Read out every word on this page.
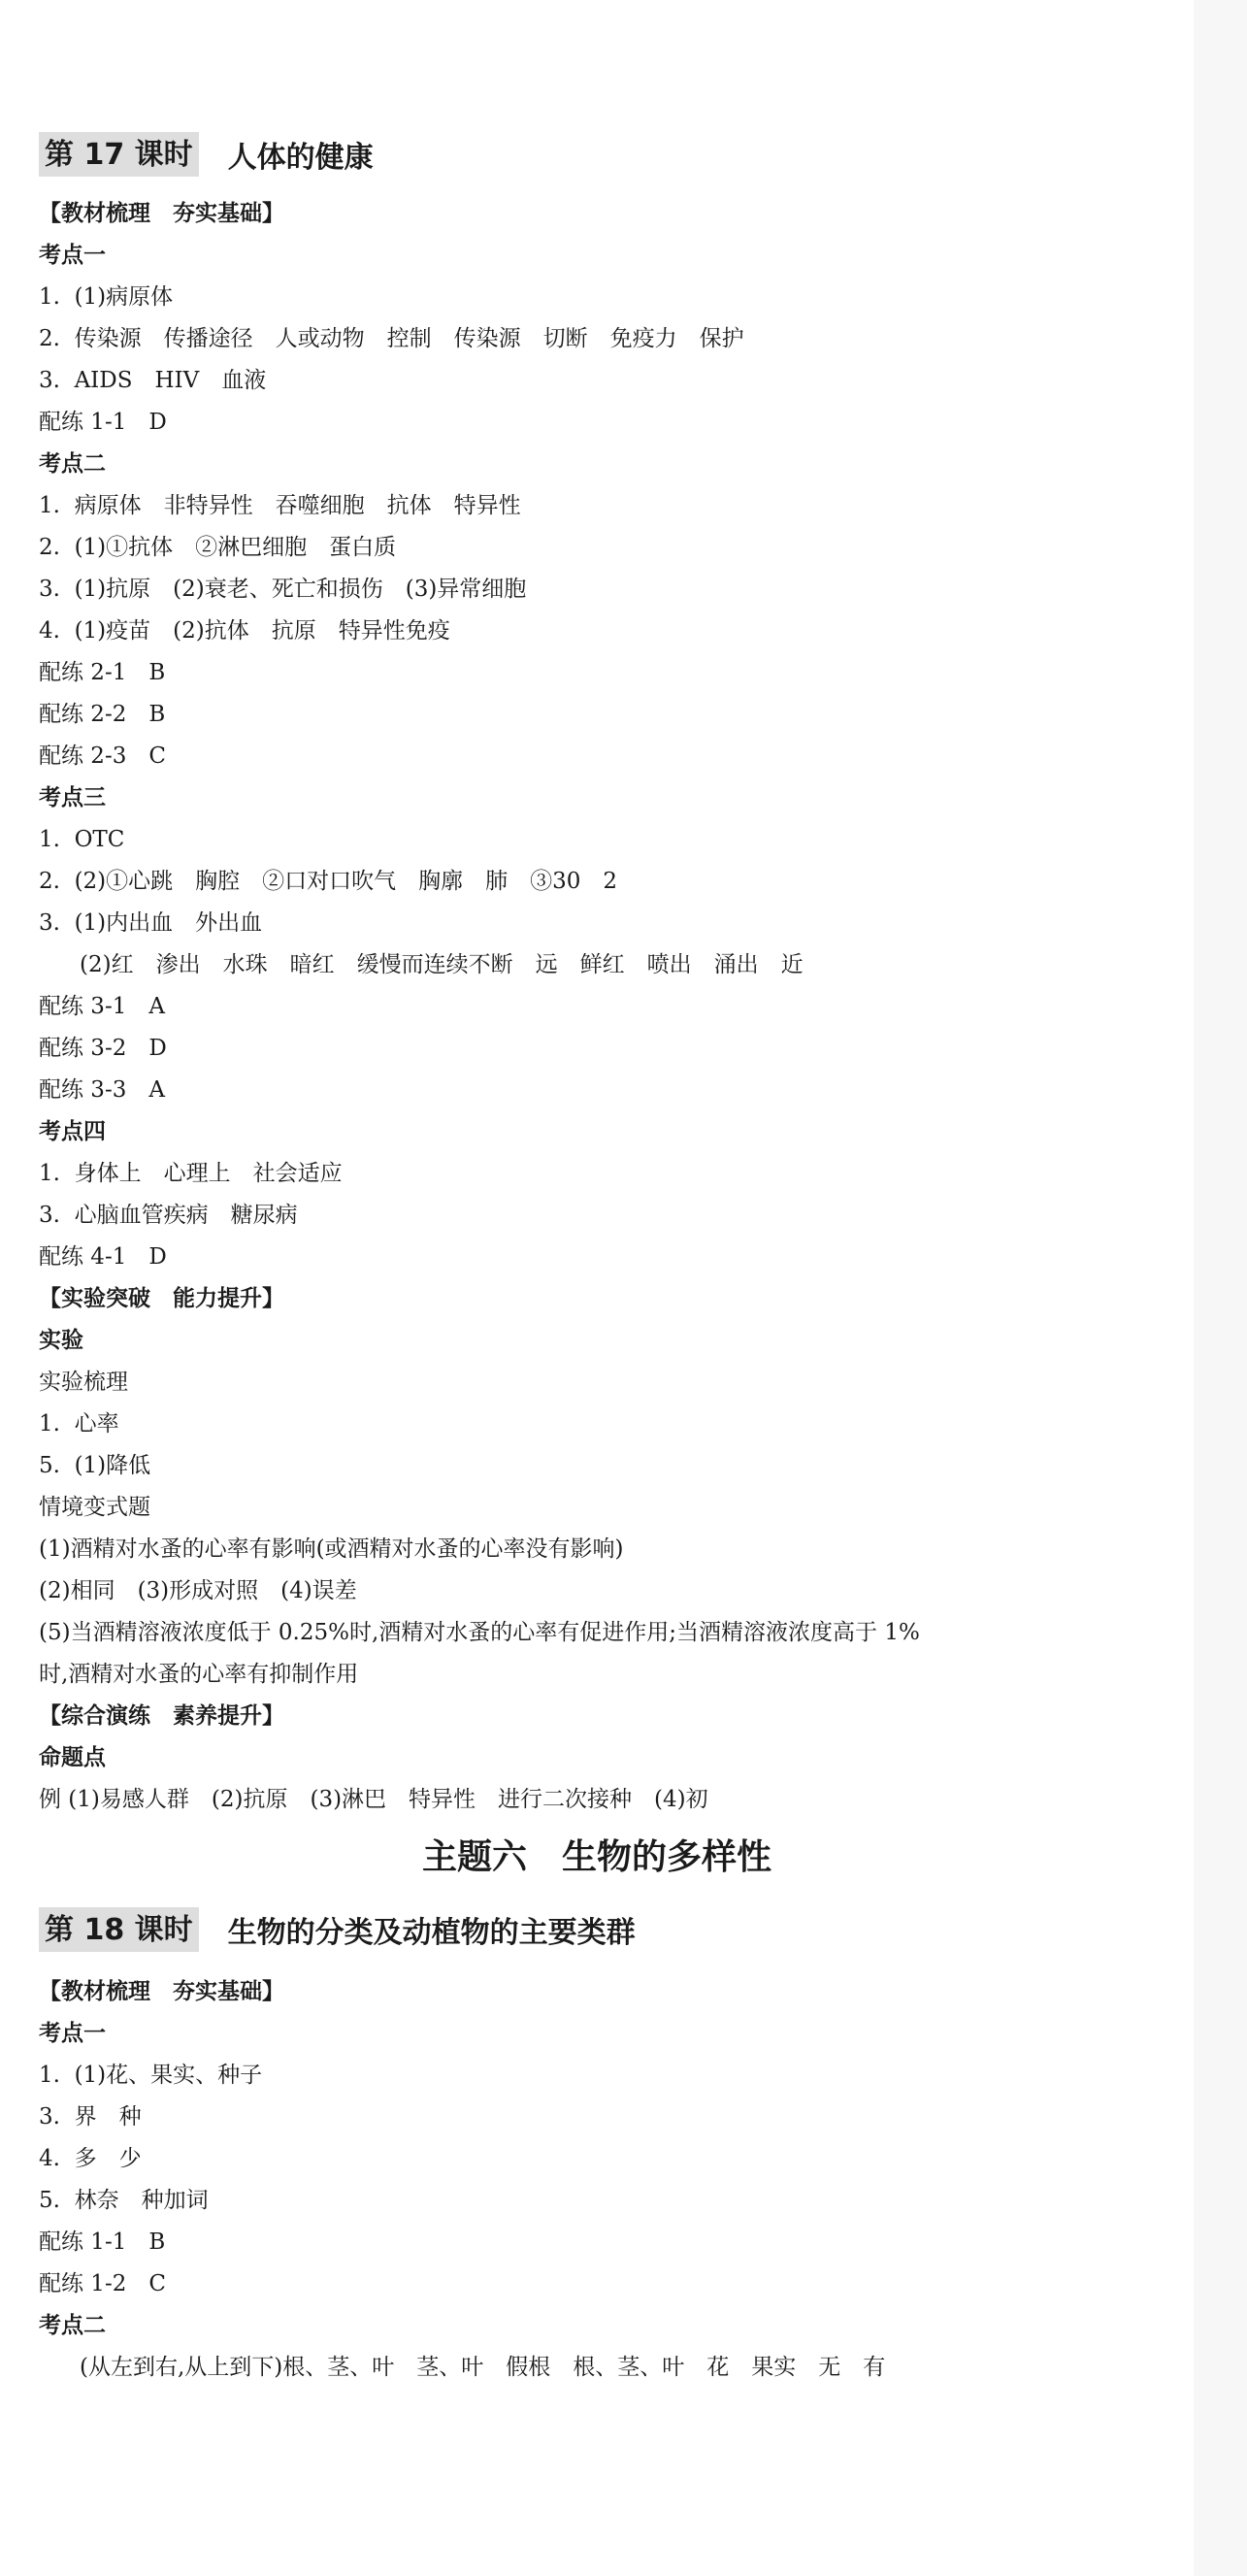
第 17 课时 人体的健康
【教材梳理　夯实基础】
考点一
1.  (1)病原体
2.  传染源　传播途径　人或动物　控制　传染源　切断　免疫力　保护
3.  AIDS　HIV　血液
配练 1-1　D
考点二
1.  病原体　非特异性　吞噬细胞　抗体　特异性
2.  (1)①抗体　②淋巴细胞　蛋白质
3.  (1)抗原　(2)衰老、死亡和损伤　(3)异常细胞
4.  (1)疫苗　(2)抗体　抗原　特异性免疫
配练 2-1　B
配练 2-2　B
配练 2-3　C
考点三
1.  OTC
2.  (2)①心跳　胸腔　②口对口吹气　胸廓　肺　③30　2
3.  (1)内出血　外出血
(2)红　渗出　水珠　暗红　缓慢而连续不断　远　鲜红　喷出　涌出　近
配练 3-1　A
配练 3-2　D
配练 3-3　A
考点四
1.  身体上　心理上　社会适应
3.  心脑血管疾病　糖尿病
配练 4-1　D
【实验突破　能力提升】
实验
实验梳理
1.  心率
5.  (1)降低
情境变式题
(1)酒精对水蚤的心率有影响(或酒精对水蚤的心率没有影响)
(2)相同　(3)形成对照　(4)误差
(5)当酒精溶液浓度低于 0.25%时,酒精对水蚤的心率有促进作用;当酒精溶液浓度高于 1%
时,酒精对水蚤的心率有抑制作用
【综合演练　素养提升】
命题点
例 (1)易感人群　(2)抗原　(3)淋巴　特异性　进行二次接种　(4)初
主题六　生物的多样性
第 18 课时 生物的分类及动植物的主要类群
【教材梳理　夯实基础】
考点一
1.  (1)花、果实、种子
3.  界　种
4.  多　少
5.  林奈　种加词
配练 1-1　B
配练 1-2　C
考点二
(从左到右,从上到下)根、茎、叶　茎、叶　假根　根、茎、叶　花　果实　无　有
